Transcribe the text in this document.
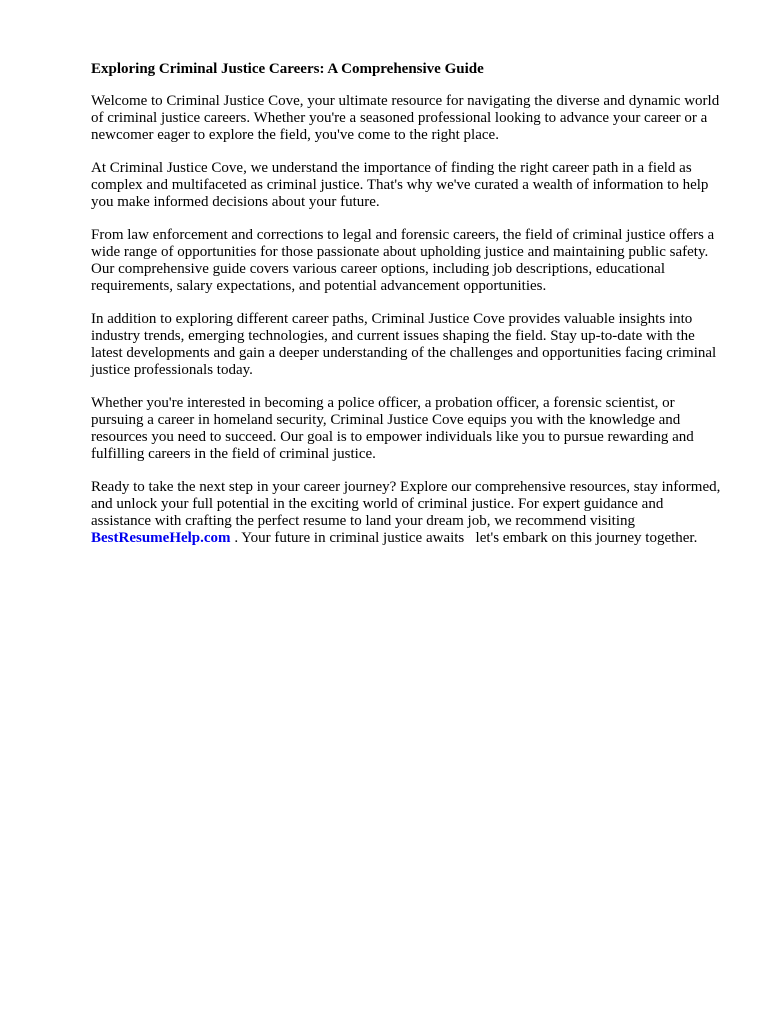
Exploring Criminal Justice Careers: A Comprehensive Guide

Welcome to Criminal Justice Cove, your ultimate resource for navigating the diverse and dynamic world of criminal justice careers. Whether you're a seasoned professional looking to advance your career or a newcomer eager to explore the field, you've come to the right place.

At Criminal Justice Cove, we understand the importance of finding the right career path in a field as complex and multifaceted as criminal justice. That's why we've curated a wealth of information to help you make informed decisions about your future.

From law enforcement and corrections to legal and forensic careers, the field of criminal justice offers a wide range of opportunities for those passionate about upholding justice and maintaining public safety. Our comprehensive guide covers various career options, including job descriptions, educational requirements, salary expectations, and potential advancement opportunities.

In addition to exploring different career paths, Criminal Justice Cove provides valuable insights into industry trends, emerging technologies, and current issues shaping the field. Stay up-to-date with the latest developments and gain a deeper understanding of the challenges and opportunities facing criminal justice professionals today.

Whether you're interested in becoming a police officer, a probation officer, a forensic scientist, or pursuing a career in homeland security, Criminal Justice Cove equips you with the knowledge and resources you need to succeed. Our goal is to empower individuals like you to pursue rewarding and fulfilling careers in the field of criminal justice.

Ready to take the next step in your career journey? Explore our comprehensive resources, stay informed, and unlock your full potential in the exciting world of criminal justice. For expert guidance and assistance with crafting the perfect resume to land your dream job, we recommend visiting BestResumeHelp.com . Your future in criminal justice awaits   let's embark on this journey together.
